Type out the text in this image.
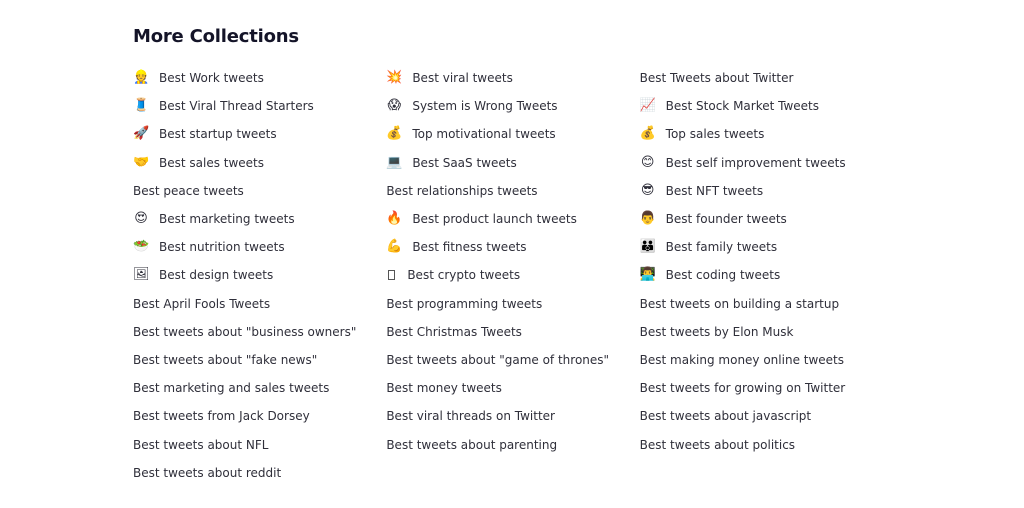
More Collections
👷 Best Work tweets
🧵 Best Viral Thread Starters
🚀 Best startup tweets
🤝 Best sales tweets
Best peace tweets
😍 Best marketing tweets
🥗 Best nutrition tweets
🖼 Best design tweets
Best April Fools Tweets
Best tweets about "business owners"
Best tweets about "fake news"
Best marketing and sales tweets
Best tweets from Jack Dorsey
Best tweets about NFL
Best tweets about reddit
💥 Best viral tweets
😱 System is Wrong Tweets
💰 Top motivational tweets
💻 Best SaaS tweets
Best relationships tweets
🔥 Best product launch tweets
💪 Best fitness tweets
Best crypto tweets
Best programming tweets
Best Christmas Tweets
Best tweets about "game of thrones"
Best money tweets
Best viral threads on Twitter
Best tweets about parenting
Best Tweets about Twitter
📈 Best Stock Market Tweets
💰 Top sales tweets
😊 Best self improvement tweets
😎 Best NFT tweets
👨 Best founder tweets
👪 Best family tweets
👨‍💻 Best coding tweets
Best tweets on building a startup
Best tweets by Elon Musk
Best making money online tweets
Best tweets for growing on Twitter
Best tweets about javascript
Best tweets about politics
